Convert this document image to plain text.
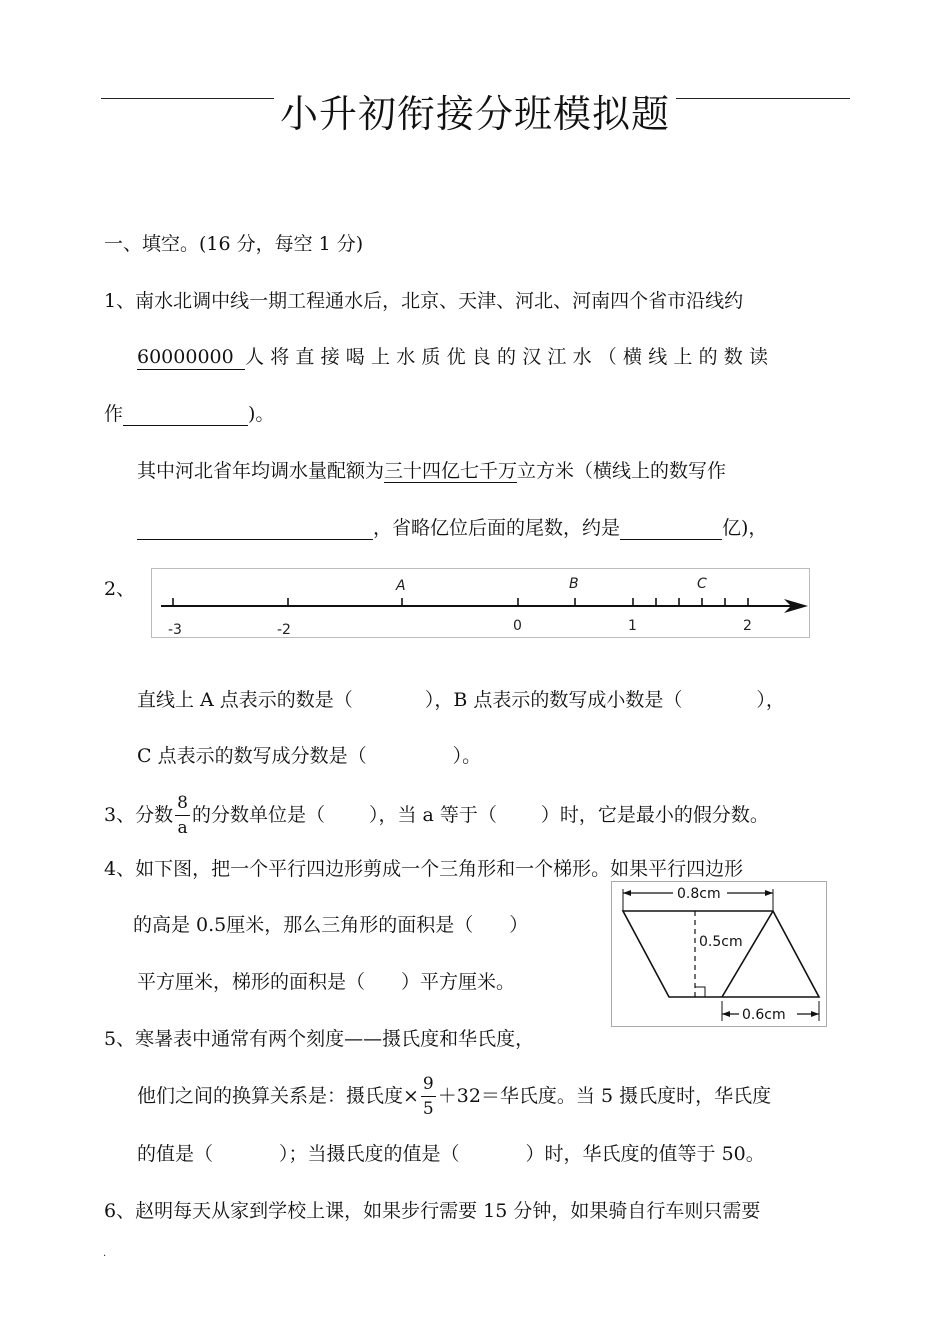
小升初衔接分班模拟题
一、填空。(16 分，每空 1 分)
1、南水北调中线一期工程通水后，北京、天津、河北、河南四个省市沿线约
60000000 人将直接喝上水质优良的汉江水（横线上的数读
作	)。
其中河北省年均调水量配额为三十四亿七千万立方米（横线上的数写作
，省略亿位后面的尾数，约是	亿)，
2、
-3	-2	0	1	2
A	B	C
直线上 A 点表示的数是（	），B 点表示的数写成小数是（	），
C 点表示的数写成分数是（	）。
3、 分数 $\frac{8}{a}$ 的分数单位是（ ），当 a 等于（ ）时，它是最小的假分数。
4、如下图，把一个平行四边形剪成一个三角形和一个梯形。如果平行四边形
的高是 0.5厘米，那么三角形的面积是（ ）
平方厘米，梯形的面积是（ ）平方厘米。
0.8cm
0.5cm
0.6cm
5、寒暑表中通常有两个刻度——摄氏度和华氏度，
他们之间的换算关系是：摄氏度× $\frac{9}{5} +32=$华氏度。当 5 摄氏度时，华氏度
的值是（	）；当摄氏度的值是（	）时，华氏度的值等于 50。
6、赵明每天从家到学校上课，如果步行需要 15 分钟，如果骑自行车则只需要
.
